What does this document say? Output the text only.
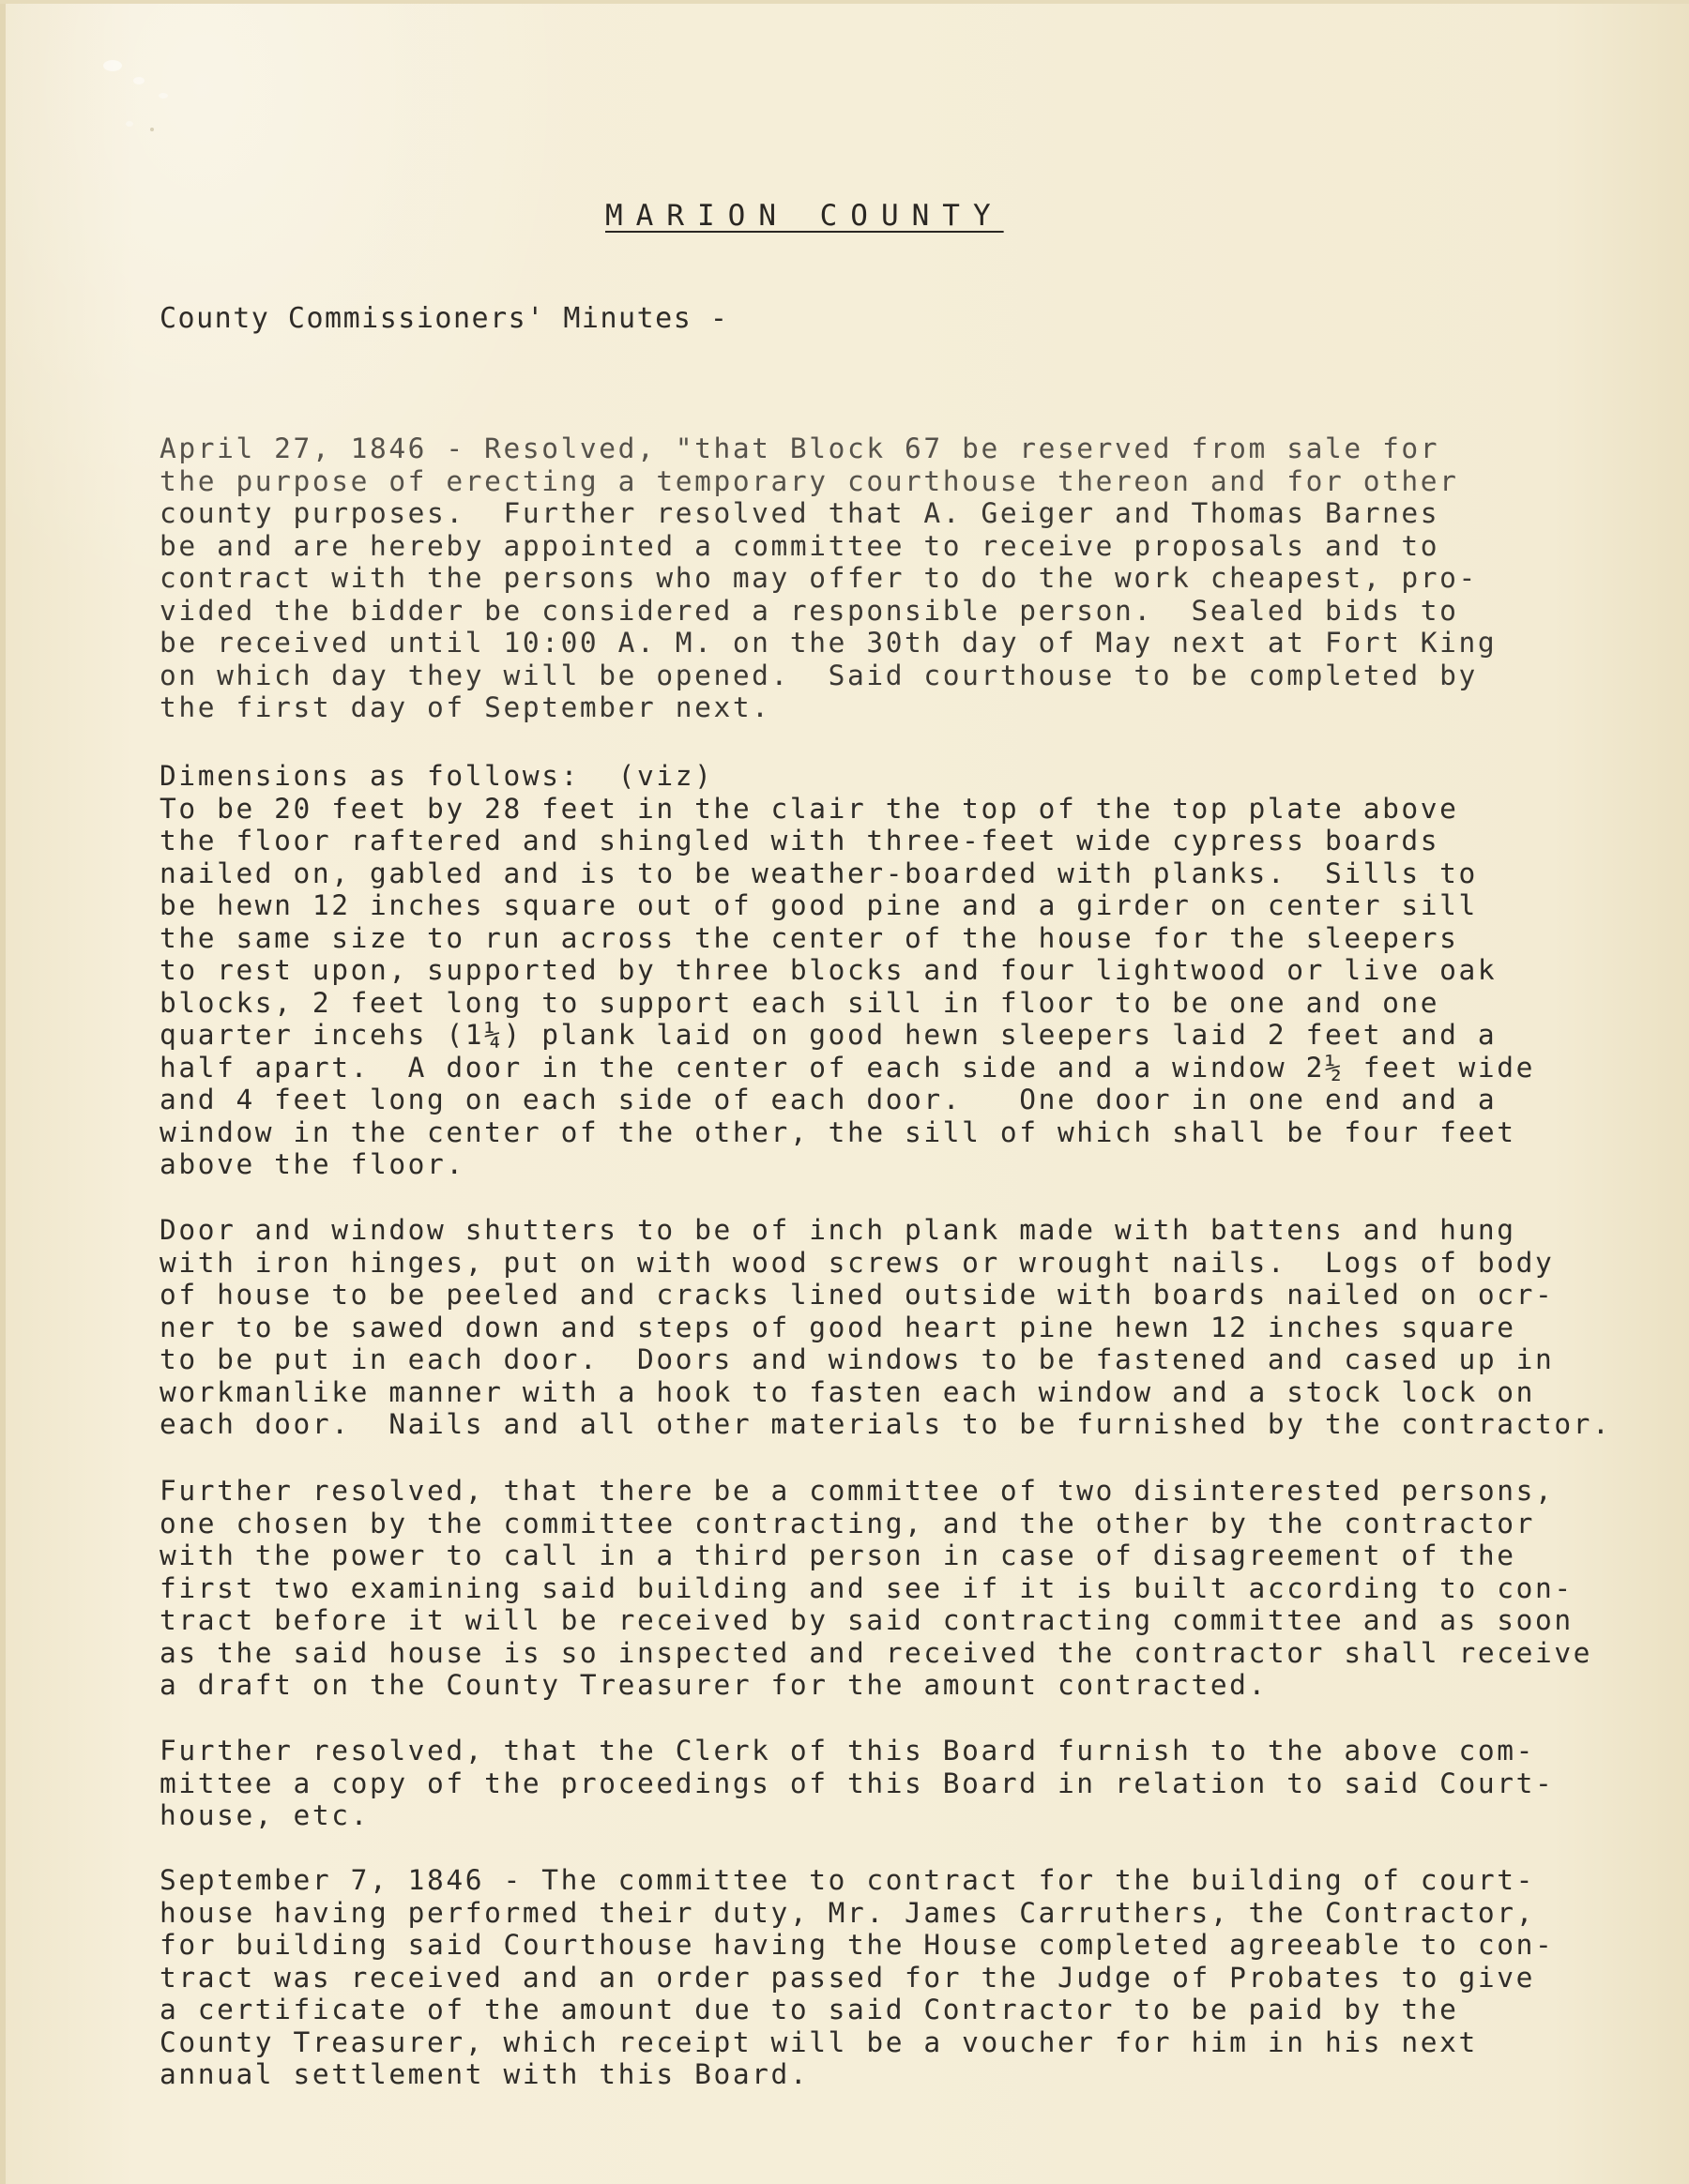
MARION COUNTY
County Commissioners' Minutes -
April 27, 1846 - Resolved, "that Block 67 be reserved from sale for
the purpose of erecting a temporary courthouse thereon and for other
county purposes.  Further resolved that A. Geiger and Thomas Barnes
be and are hereby appointed a committee to receive proposals and to
contract with the persons who may offer to do the work cheapest, pro-
vided the bidder be considered a responsible person.  Sealed bids to
be received until 10:00 A. M. on the 30th day of May next at Fort King
on which day they will be opened.  Said courthouse to be completed by
the first day of September next.
Dimensions as follows:  (viz)
To be 20 feet by 28 feet in the clair the top of the top plate above
the floor raftered and shingled with three-feet wide cypress boards
nailed on, gabled and is to be weather-boarded with planks.  Sills to
be hewn 12 inches square out of good pine and a girder on center sill
the same size to run across the center of the house for the sleepers
to rest upon, supported by three blocks and four lightwood or live oak
blocks, 2 feet long to support each sill in floor to be one and one
quarter incehs (1¼) plank laid on good hewn sleepers laid 2 feet and a
half apart.  A door in the center of each side and a window 2½ feet wide
and 4 feet long on each side of each door.   One door in one end and a
window in the center of the other, the sill of which shall be four feet
above the floor.
Door and window shutters to be of inch plank made with battens and hung
with iron hinges, put on with wood screws or wrought nails.  Logs of body
of house to be peeled and cracks lined outside with boards nailed on ocr-
ner to be sawed down and steps of good heart pine hewn 12 inches square
to be put in each door.  Doors and windows to be fastened and cased up in
workmanlike manner with a hook to fasten each window and a stock lock on
each door.  Nails and all other materials to be furnished by the contractor.
Further resolved, that there be a committee of two disinterested persons,
one chosen by the committee contracting, and the other by the contractor
with the power to call in a third person in case of disagreement of the
first two examining said building and see if it is built according to con-
tract before it will be received by said contracting committee and as soon
as the said house is so inspected and received the contractor shall receive
a draft on the County Treasurer for the amount contracted.
Further resolved, that the Clerk of this Board furnish to the above com-
mittee a copy of the proceedings of this Board in relation to said Court-
house, etc.
September 7, 1846 - The committee to contract for the building of court-
house having performed their duty, Mr. James Carruthers, the Contractor,
for building said Courthouse having the House completed agreeable to con-
tract was received and an order passed for the Judge of Probates to give
a certificate of the amount due to said Contractor to be paid by the
County Treasurer, which receipt will be a voucher for him in his next
annual settlement with this Board.
